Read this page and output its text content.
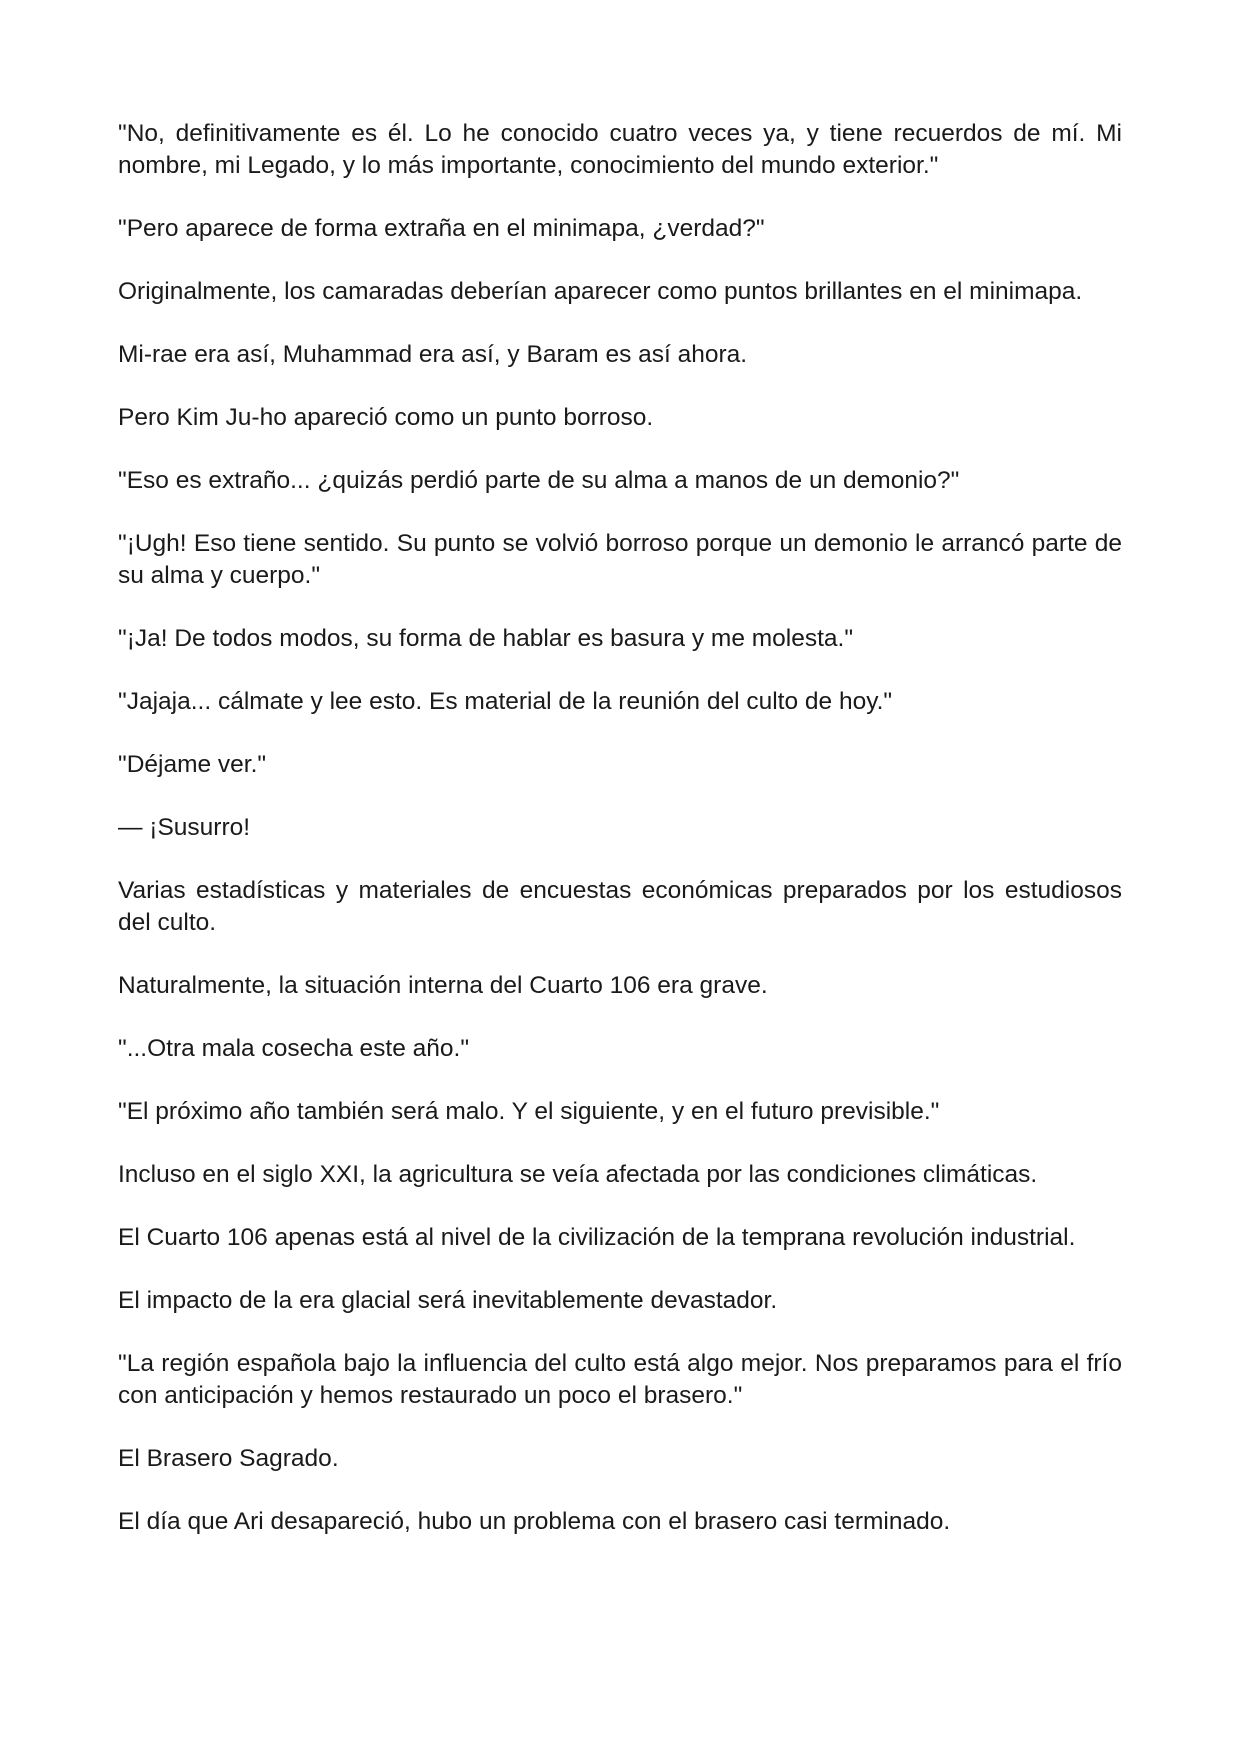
"No, definitivamente es él. Lo he conocido cuatro veces ya, y tiene recuerdos de mí. Mi nombre, mi Legado, y lo más importante, conocimiento del mundo exterior."

"Pero aparece de forma extraña en el minimapa, ¿verdad?"

Originalmente, los camaradas deberían aparecer como puntos brillantes en el minimapa.

Mi-rae era así, Muhammad era así, y Baram es así ahora.

Pero Kim Ju-ho apareció como un punto borroso.

"Eso es extraño... ¿quizás perdió parte de su alma a manos de un demonio?"

"¡Ugh! Eso tiene sentido. Su punto se volvió borroso porque un demonio le arrancó parte de su alma y cuerpo."

"¡Ja! De todos modos, su forma de hablar es basura y me molesta."

"Jajaja... cálmate y lee esto. Es material de la reunión del culto de hoy."

"Déjame ver."

— ¡Susurro!

Varias estadísticas y materiales de encuestas económicas preparados por los estudiosos del culto.

Naturalmente, la situación interna del Cuarto 106 era grave.

"...Otra mala cosecha este año."

"El próximo año también será malo. Y el siguiente, y en el futuro previsible."

Incluso en el siglo XXI, la agricultura se veía afectada por las condiciones climáticas.

El Cuarto 106 apenas está al nivel de la civilización de la temprana revolución industrial.

El impacto de la era glacial será inevitablemente devastador.

"La región española bajo la influencia del culto está algo mejor. Nos preparamos para el frío con anticipación y hemos restaurado un poco el brasero."

El Brasero Sagrado.

El día que Ari desapareció, hubo un problema con el brasero casi terminado.
